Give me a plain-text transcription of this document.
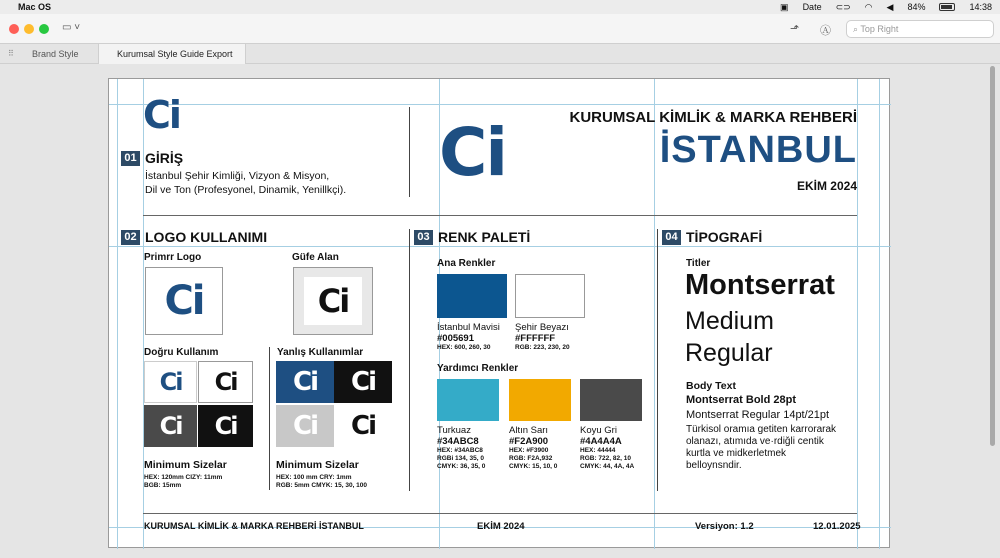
Mac OS	▣ Date ⊂⊃ ◠ ◀ 84%	14:38
▭ ˅	⬏ Ⓐ	⌕ Top Right
⠿ Brand Style	Kurumsal Style Guide Export
Ci
01 GİRİŞ
İstanbul Şehir Kimliği, Vizyon & Misyon,
Dil ve Ton (Profesyonel, Dinamik, Yenillkçi). Ci	KURUMSAL KİMLİK & MARKA REHBERİ
İSTANBUL
EKİM 2024
02 LOGO KULLANIMI
Primrr Logo
Ci
Güfe Alan
Ci
Doğru Kullanım
Ci Ci
Ci Ci
Yanlış Kullanımlar
Ci Ci
Ci Ci
Minimum Sizelar
HEX: 120mm CIZY: 11mm
BGB: 15mm
Minimum Sizelar
HEX: 100 mm CRY: 1mm
RGB: 5mm CMYK: 15, 30, 100
03 RENK PALETİ
Ana Renkler
Yardımcı Renkler
04 TİPOGRAFİ
Titler
Montserrat
Medium
Regular
Body Text
Montserrat Bold 28pt
Montserrat Regular 14pt/21pt
Türkisol oramıa getiten karrorarak
olanazı, atımıda ve·rdiğli centik
kurtla ve midkerletmek
belloynsndir.
KURUMSAL KİMLİK & MARKA REHBERİ İSTANBUL	EKİM 2024	Versiyon: 1.2	12.01.2025
İstanbul Mavisi
#005691
HEX: 600, 260, 30
Şehir Beyazı
#FFFFFF
RGB: 223, 230, 20
Turkuaz
#34ABC8
HEX: #34ABC8
RGBi 134, 35, 0
CMYK: 36, 35, 0
Altın Sarı
#F2A900
HEX: #F3900
RGB: F2A,932
CMYK: 15, 10, 0
Koyu Gri
#4A4A4A
HEX: 44444
RGB: 722, 82, 10
CMYK: 44, 4A, 4A
